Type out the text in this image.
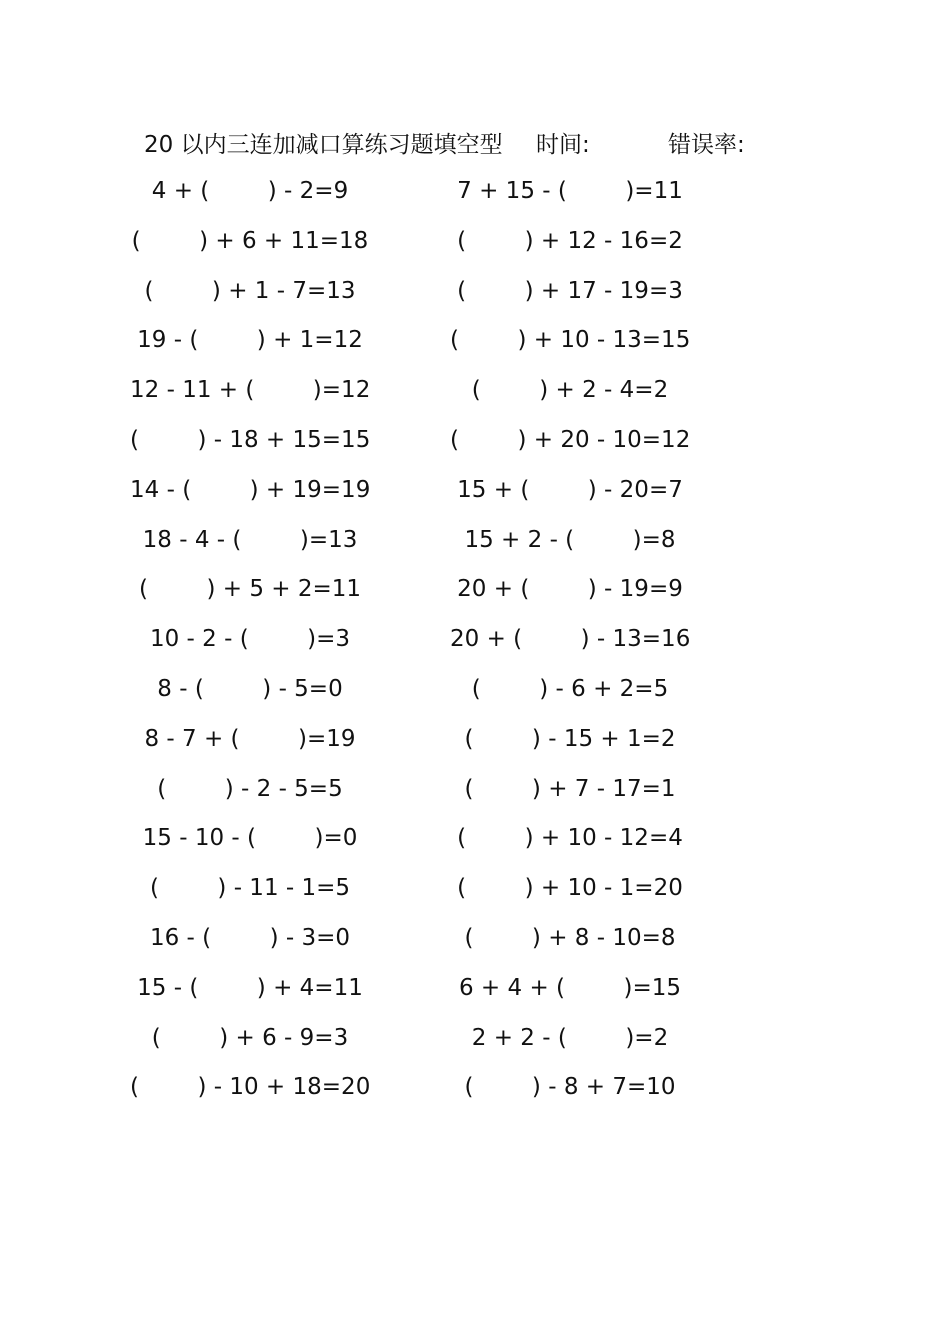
20 以内三连加减口算练习题填空型 时间:	错误率:
4 + (        ) - 2=9	7 + 15 - (        )=11
(        ) + 6 + 11=18	(        ) + 12 - 16=2
(        ) + 1 - 7=13	(        ) + 17 - 19=3
19 - (        ) + 1=12	(        ) + 10 - 13=15
12 - 11 + (        )=12	(        ) + 2 - 4=2
(        ) - 18 + 15=15	(        ) + 20 - 10=12
14 - (        ) + 19=19	15 + (        ) - 20=7
18 - 4 - (        )=13	15 + 2 - (        )=8
(        ) + 5 + 2=11	20 + (        ) - 19=9
10 - 2 - (        )=3	20 + (        ) - 13=16
8 - (        ) - 5=0	(        ) - 6 + 2=5
8 - 7 + (        )=19	(        ) - 15 + 1=2
(        ) - 2 - 5=5	(        ) + 7 - 17=1
15 - 10 - (        )=0	(        ) + 10 - 12=4
(        ) - 11 - 1=5	(        ) + 10 - 1=20
16 - (        ) - 3=0	(        ) + 8 - 10=8
15 - (        ) + 4=11	6 + 4 + (        )=15
(        ) + 6 - 9=3	2 + 2 - (        )=2
(        ) - 10 + 18=20	(        ) - 8 + 7=10
